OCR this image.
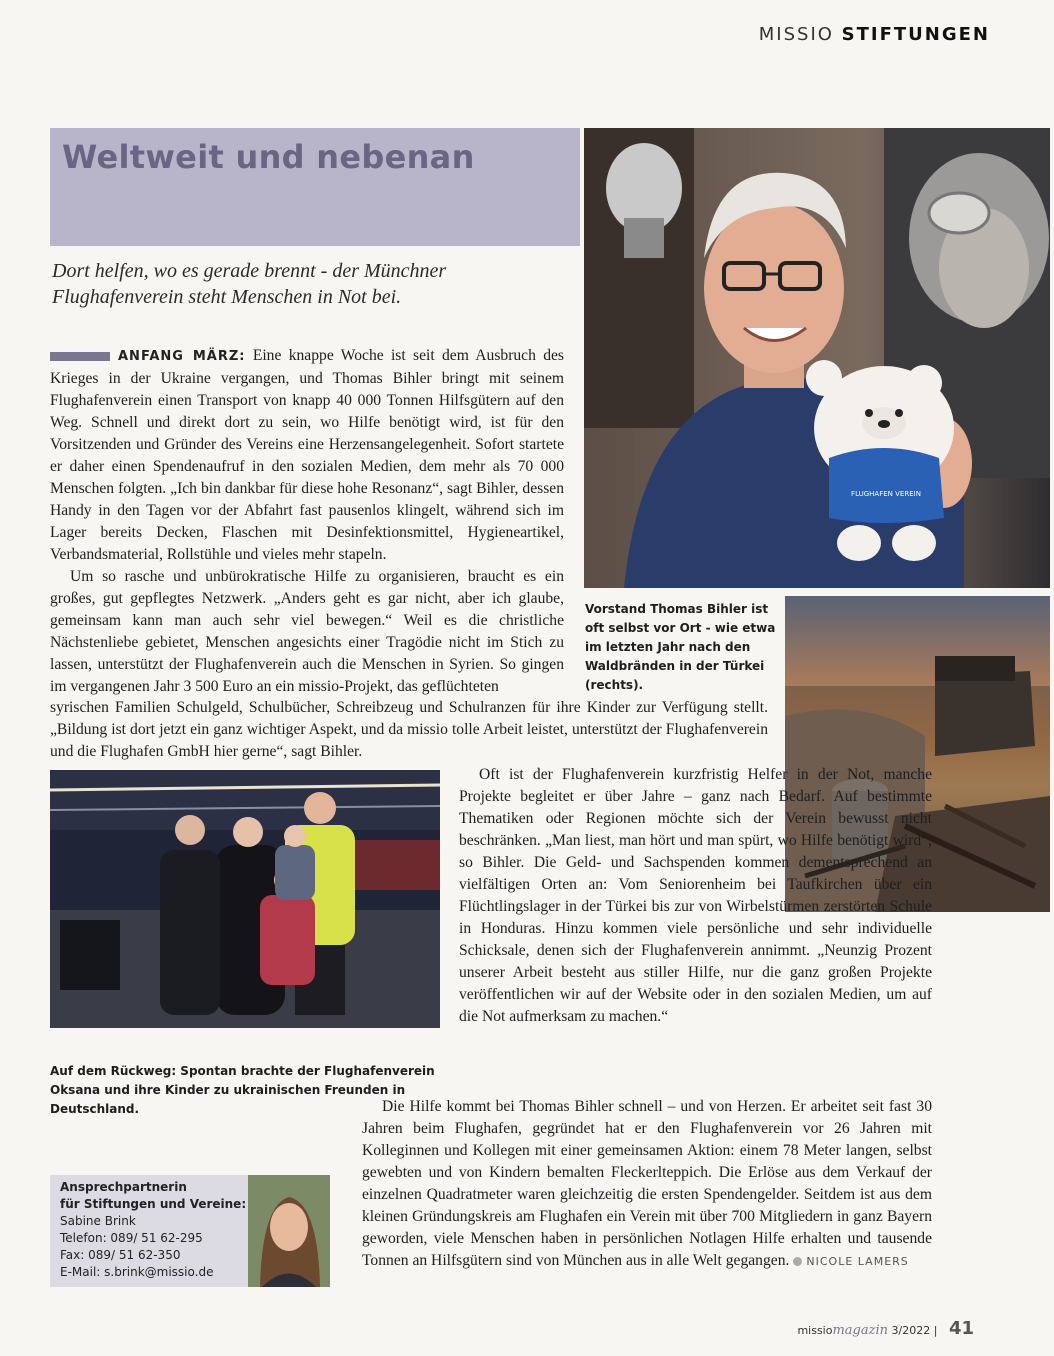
MISSIO STIFTUNGEN
Weltweit und nebenan
Dort helfen, wo es gerade brennt - der Münchner Flughafenverein steht Menschen in Not bei.
FLUGHAFEN VEREIN

ANFANG MÄRZ: Eine knappe Woche ist seit dem Ausbruch des Krieges in der Ukraine vergangen, und Thomas Bihler bringt mit seinem Flughafenverein einen Transport von knapp 40 000 Tonnen Hilfsgütern auf den Weg. Schnell und direkt dort zu sein, wo Hilfe benötigt wird, ist für den Vorsitzenden und Gründer des Vereins eine Herzensangelegenheit. Sofort startete er daher einen Spendenaufruf in den sozialen Medien, dem mehr als 70 000 Menschen folgten. „Ich bin dankbar für diese hohe Resonanz“, sagt Bihler, dessen Handy in den Tagen vor der Abfahrt fast pausenlos klingelt, während sich im Lager bereits Decken, Flaschen mit Desinfektionsmittel, Hygieneartikel, Verbandsmaterial, Rollstühle und vieles mehr stapeln.

Um so rasche und unbürokratische Hilfe zu organisieren, braucht es ein großes, gut gepflegtes Netzwerk. „Anders geht es gar nicht, aber ich glaube, gemeinsam kann man auch sehr viel bewegen.“ Weil es die christliche Nächstenliebe gebietet, Menschen angesichts einer Tragödie nicht im Stich zu lassen, unterstützt der Flughafenverein auch die Menschen in Syrien. So gingen im vergangenen Jahr 3 500 Euro an ein missio-Projekt, das geflüchteten

syrischen Familien Schulgeld, Schulbücher, Schreibzeug und Schulranzen für ihre Kinder zur Verfügung stellt. „Bildung ist dort jetzt ein ganz wichtiger Aspekt, und da missio tolle Arbeit leistet, unterstützt der Flughafenverein und die Flughafen GmbH hier gerne“, sagt Bihler.

Vorstand Thomas Bihler ist oft selbst vor Ort - wie etwa im letzten Jahr nach den Waldbränden in der Türkei (rechts).
Auf dem Rückweg: Spontan brachte der Flughafenverein Oksana und ihre Kinder zu ukrainischen Freunden in Deutschland.

Oft ist der Flughafenverein kurzfristig Helfer in der Not, manche Projekte begleitet er über Jahre – ganz nach Bedarf. Auf bestimmte Thematiken oder Regionen möchte sich der Verein bewusst nicht beschränken. „Man liest, man hört und man spürt, wo Hilfe benötigt wird“, so Bihler. Die Geld- und Sachspenden kommen dementsprechend an vielfältigen Orten an: Vom Seniorenheim bei Taufkirchen über ein Flüchtlingslager in der Türkei bis zur von Wirbelstürmen zerstörten Schule in Honduras. Hinzu kommen viele persönliche und sehr individuelle Schicksale, denen sich der Flughafenverein annimmt. „Neunzig Prozent unserer Arbeit besteht aus stiller Hilfe, nur die ganz großen Projekte veröffentlichen wir auf der Website oder in den sozialen Medien, um auf die Not aufmerksam zu machen.“

Die Hilfe kommt bei Thomas Bihler schnell – und von Herzen. Er arbeitet seit fast 30 Jahren beim Flughafen, gegründet hat er den Flughafenverein vor 26 Jahren mit Kolleginnen und Kollegen mit einer gemeinsamen Aktion: einem 78 Meter langen, selbst gewebten und von Kindern bemalten Fleckerlteppich. Die Erlöse aus dem Verkauf der einzelnen Quadratmeter waren gleichzeitig die ersten Spendengelder. Seitdem ist aus dem kleinen Gründungskreis am Flughafen ein Verein mit über 700 Mitgliedern in ganz Bayern geworden, viele Menschen haben in persönlichen Notlagen Hilfe erhalten und tausende Tonnen an Hilfsgütern sind von München aus in alle Welt gegangen. NICOLE LAMERS

Ansprechpartnerin
für Stiftungen und Vereine:
Sabine Brink
Telefon: 089/ 51 62-295
Fax: 089/ 51 62-350
E-Mail: s.brink@missio.de
missiomagazin 3/2022 | 41
